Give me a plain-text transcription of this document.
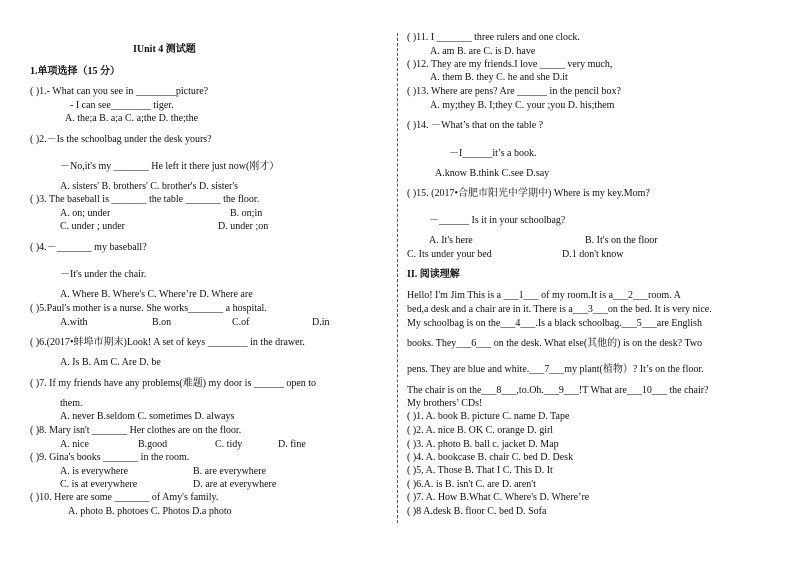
IUnit 4 测试题
1.单项选择（15 分）
( )1.- What can you see in ________picture?
- I can see________ tiger.
A. the;a B. a;a C. a;the D. the;the
( )2.－Is the schoolbag under the desk yours?
－No,it's my _______ He left it there just now(刚才）
A. sisters' B. brothers' C. brother's D. sister's
( )3. The baseball is _______ the table _______ the floor.
A. on; under	B. on;in
C. under ; under	D. under ;on
( )4.－_______ my baseball?
－It's under the chair.
A. Where B. Where's C. Where’re D. Where are
( )5.Paul's mother is a nurse. She works_______ a hospital.
A.with	B.on	C.of	D.in
( )6.(2017•蚌埠市期末)Look! A set of keys ________ in the drawer.
A. Is B. Am C. Are D. be
( )7. If my friends have any problems(难题) my door is ______ open to
them.
A. never B.seldom C. sometimes D. always
( )8. Mary isn't _______ Her clothes are on the floor.
A. nice	B.good	C. tidy	D. fine
( )9. Gina's books _______ in the room.
A. is everywhere	B. are everywhere
C. is at everywhere	D. are at everywhere
( )10. Here are some _______ of Amy's family.
A. photo B. photoes C. Photos D.a photo
( )11. I _______ three rulers and one clock.
A. am B. are C. is D. have
( )12. They are my friends.I love _____ very much,
A. them B. they C. he and she D.it
( )13. Where are pens? Are ______ in the pencil box?
A. my;they B. I;they C. your ;you D. his;them
( )14. －What’s that on the table ?
－I______it’s a book.
A.know B.think C.see D.say
( )15. (2017•合肥市阳光中学期中) Where is my key.Mom?
－______ Is it in your schoolbag?
A. It's here	B. It's on the floor
C. Its under your bed	D.1 don't know
II. 阅读理解
Hello! I'm Jim This is a ___1___ of my room.It is a___2___room. A
bed,a desk and a chair are in it. There is a___3___on the bed. It is very nice.
My schoolbag is on the___4___.Is a black schoolbag.___5___are English
books. They___6___ on the desk. What else(其他的) is on the desk? Two
pens. They are blue and white.___7___my plant(植物）? It’s on the floor.
The chair is on the___8___,to.Oh.___9___!T What are___10___ the chair?
My brothers’ CDs!
( )1. A. book B. picture C. name D. Tape
( )2. A. nice B. OK C. orange D. girl
( )3. A. photo B. ball c. jacket D. Map
( )4. A. bookcase B. chair C. bed D. Desk
( )5, A. Those B. That I C. This D. It
( )6.A. is B. isn't C. are D. aren't
( )7. A. How B.What C. Where's D. Where’re
( )8 A.desk B. floor C. bed D. Sofa
